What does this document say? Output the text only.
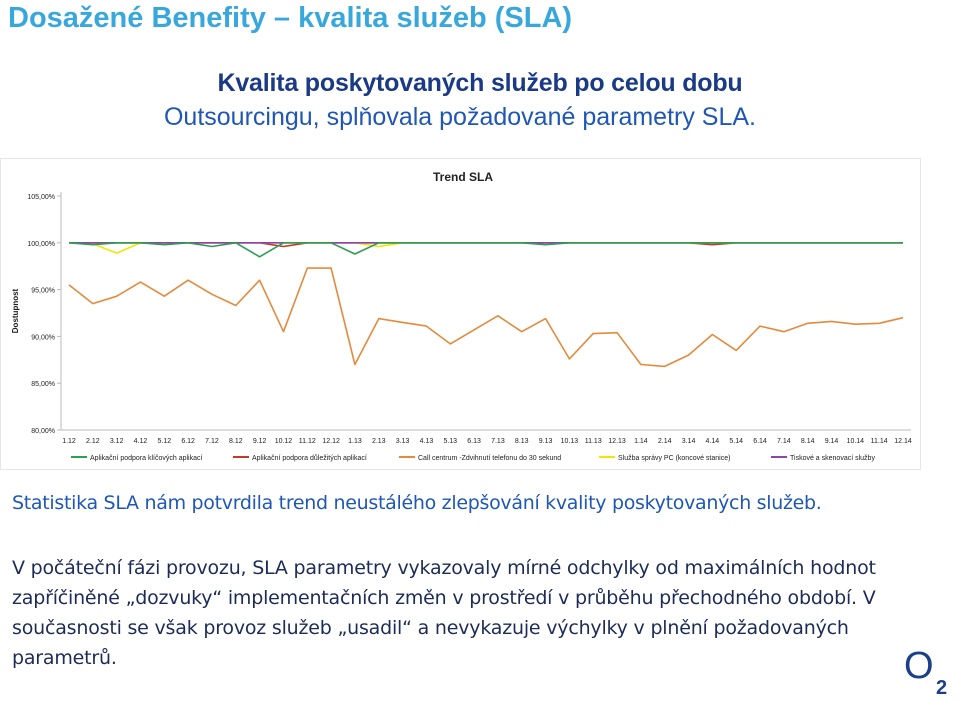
Dosažené Benefity – kvalita služeb (SLA)
Kvalita poskytovaných služeb po celou dobu
Outsourcingu, splňovala požadované parametry SLA.
Trend SLA
Dostupnost
80,00%
85,00%
90,00%
95,00%
100,00%
105,00%
1.12 2.12 3.12 4.12 5.12 6.12 7.12 8.12 9.12 10.12 11.12 12.12 1.13 2.13 3.13 4.13 5.13 6.13 7.13 8.13 9.13 10.13 11.13 12.13 1.14 2.14 3.14 4.14 5.14 6.14 7.14 8.14 9.14 10.14 11.14 12.14
Aplikační podpora klíčových aplikací	Aplikační podpora důležitých aplikací	Call centrum -Zdvihnutí telefonu do 30 sekund	Služba správy PC (koncové stanice)	Tiskové a skenovací služby

Statistika SLA nám potvrdila trend neustálého zlepšování kvality poskytovaných služeb.

V počáteční fázi provozu, SLA parametry vykazovaly mírné odchylky od maximálních hodnot zapříčiněné „dozvuky“ implementačních změn v prostředí v průběhu přechodného období. V současnosti se však provoz služeb „usadil“ a nevykazuje výchylky v plnění požadovaných parametrů.	O
2
